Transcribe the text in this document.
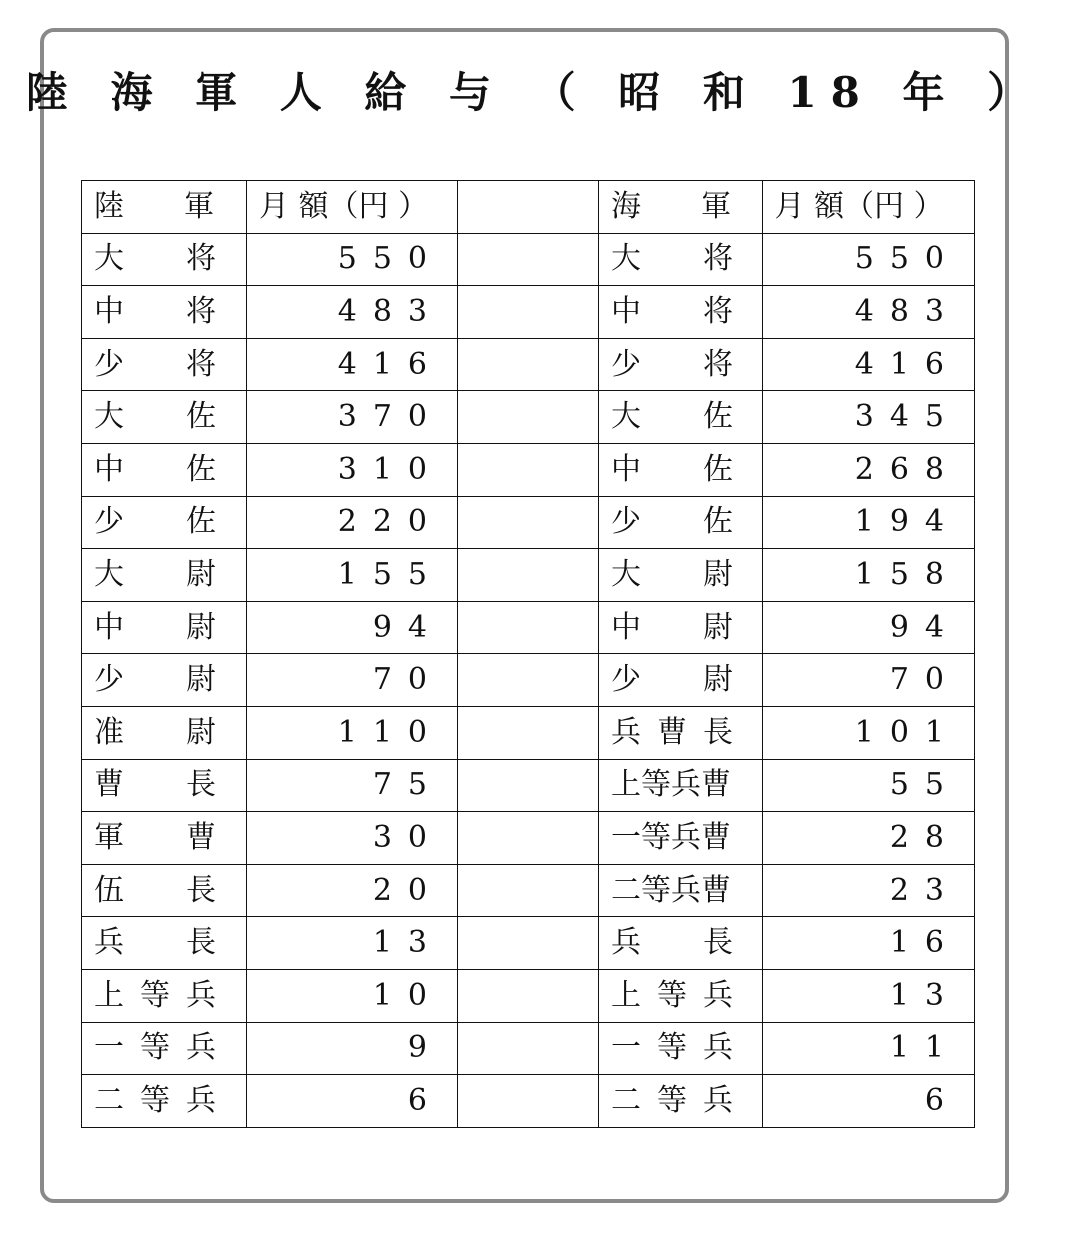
陸 海 軍 人 給 与 （ 昭 和 18 年 ）
陸　　軍	月 額（円 ）	
大　　将	550	
中　　将	483	
少　　将	416	
大　　佐	370	
中　　佐	310	
少　　佐	220	
大　　尉	155	
中　　尉	94	
少　　尉	70	
准　　尉	110	
曹　　長	75	
軍　　曹	30	
伍　　長	20	
兵　　長	13	
上 等 兵	10	
一 等 兵	9	
二 等 兵	6	
海　　軍	月 額（円 ）
大　　将	550
中　　将	483
少　　将	416
大　　佐	345
中　　佐	268
少　　佐	194
大　　尉	158
中　　尉	94
少　　尉	70
兵 曹 長	101
上等兵曹	55
一等兵曹	28
二等兵曹	23
兵　　長	16
上 等 兵	13
一 等 兵	11
二 等 兵	6
